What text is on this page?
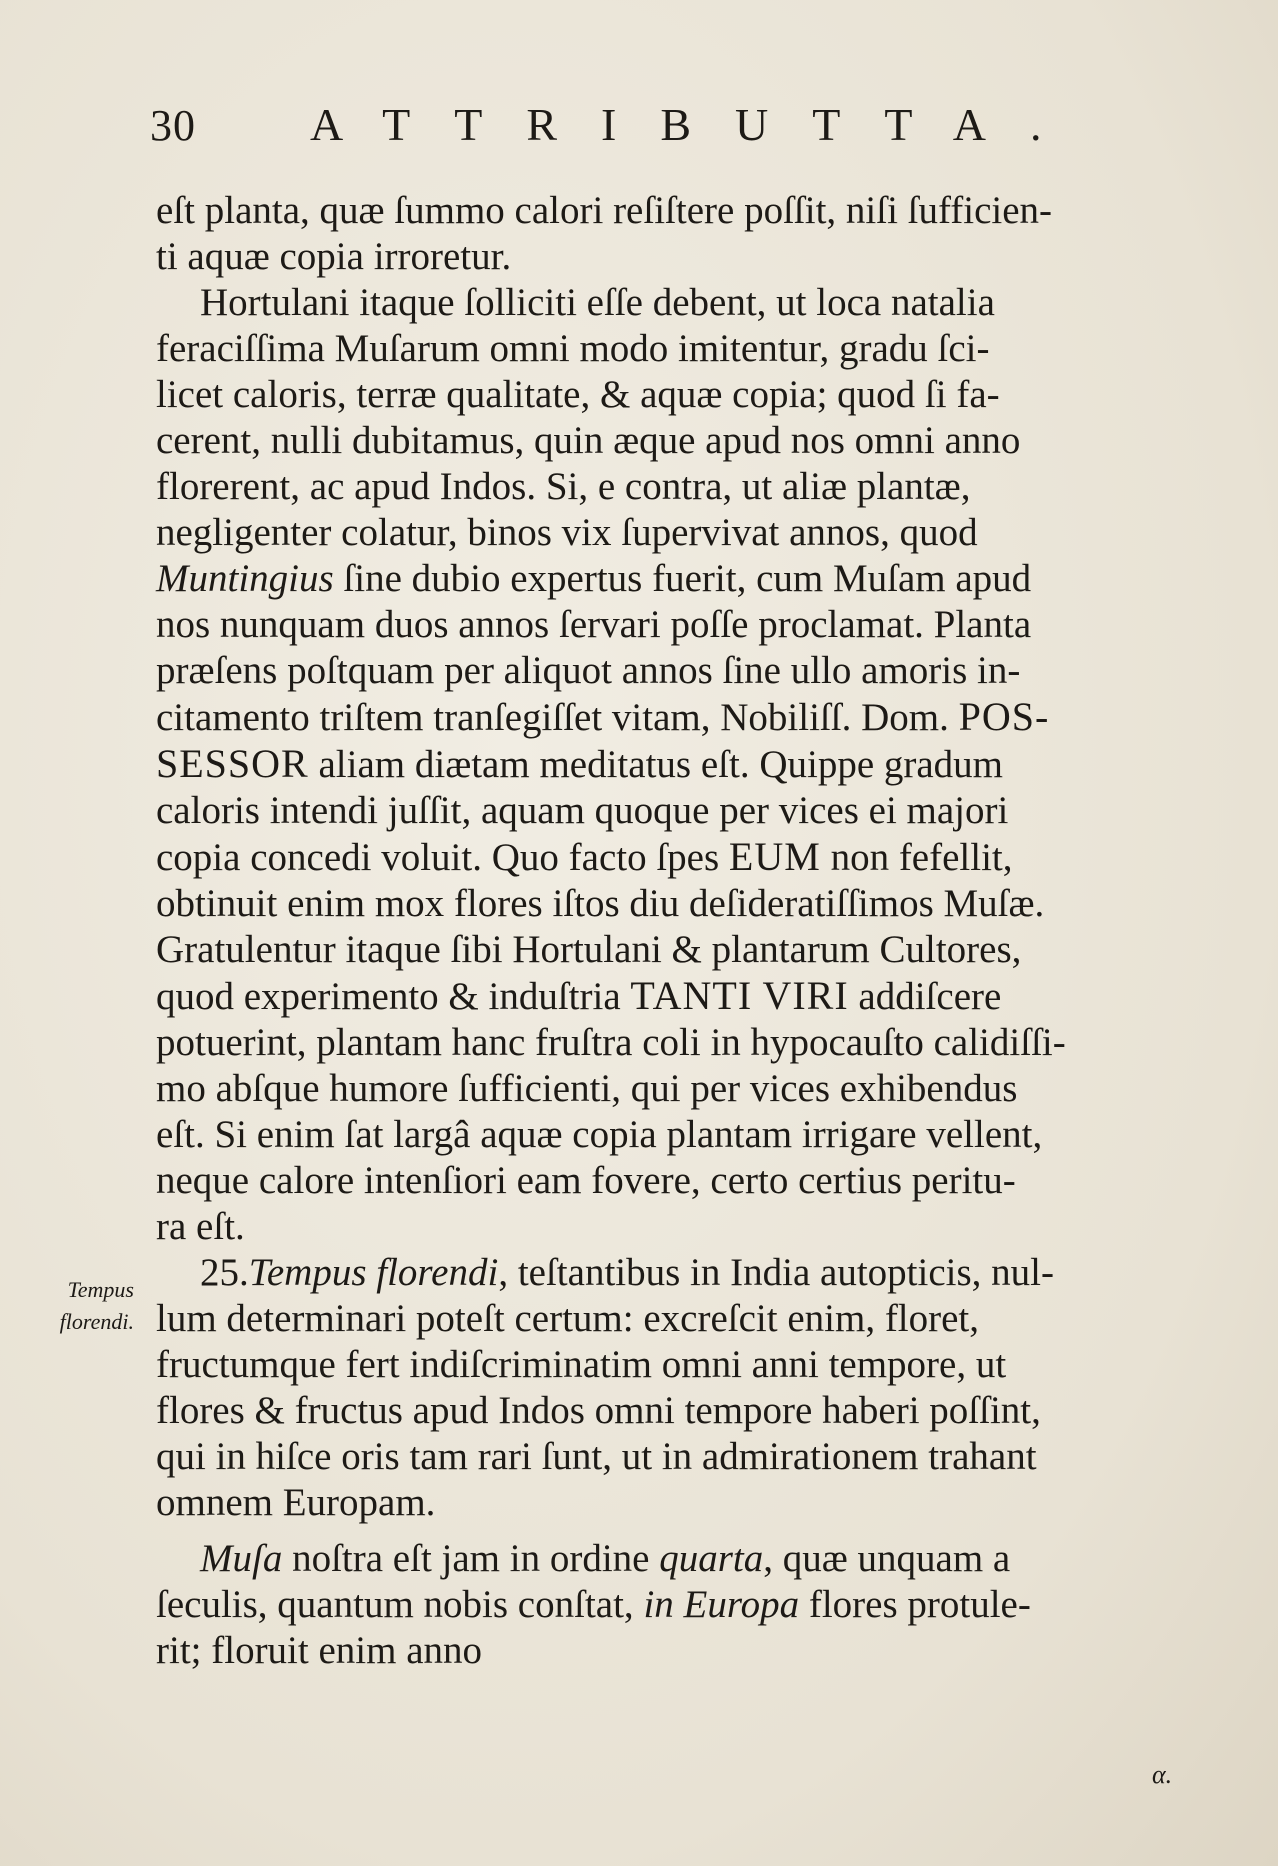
30 ATTRIBUTTA.
Tempus
florendi.
eſt planta, quæ ſummo calori reſiſtere poſſit, niſi ſufficien-
ti aquæ copia irroretur.
Hortulani itaque ſolliciti eſſe debent, ut loca natalia
feraciſſima Muſarum omni modo imitentur, gradu ſci-
licet caloris, terræ qualitate, & aquæ copia; quod ſi fa-
cerent, nulli dubitamus, quin æque apud nos omni anno
florerent, ac apud Indos. Si, e contra, ut aliæ plantæ,
negligenter colatur, binos vix ſupervivat annos, quod
Muntingius ſine dubio expertus fuerit, cum Muſam apud
nos nunquam duos annos ſervari poſſe proclamat. Planta
præſens poſtquam per aliquot annos ſine ullo amoris in-
citamento triſtem tranſegiſſet vitam, Nobiliſſ. Dom. POS-
SESSOR aliam diætam meditatus eſt. Quippe gradum
caloris intendi juſſit, aquam quoque per vices ei majori
copia concedi voluit. Quo facto ſpes EUM non fefellit,
obtinuit enim mox flores iſtos diu deſideratiſſimos Muſæ.
Gratulentur itaque ſibi Hortulani & plantarum Cultores,
quod experimento & induſtria TANTI VIRI addiſcere
potuerint, plantam hanc fruſtra coli in hypocauſto calidiſſi-
mo abſque humore ſufficienti, qui per vices exhibendus
eſt. Si enim ſat largâ aquæ copia plantam irrigare vellent,
neque calore intenſiori eam fovere, certo certius peritu-
ra eſt.
25.Tempus florendi, teſtantibus in India autopticis, nul-
lum determinari poteſt certum: excreſcit enim, floret,
fructumque fert indiſcriminatim omni anni tempore, ut
flores & fructus apud Indos omni tempore haberi poſſint,
qui in hiſce oris tam rari ſunt, ut in admirationem trahant
omnem Europam.
Muſa noſtra eſt jam in ordine quarta, quæ unquam a
ſeculis, quantum nobis conſtat, in Europa flores protule-
rit; floruit enim anno
α.
